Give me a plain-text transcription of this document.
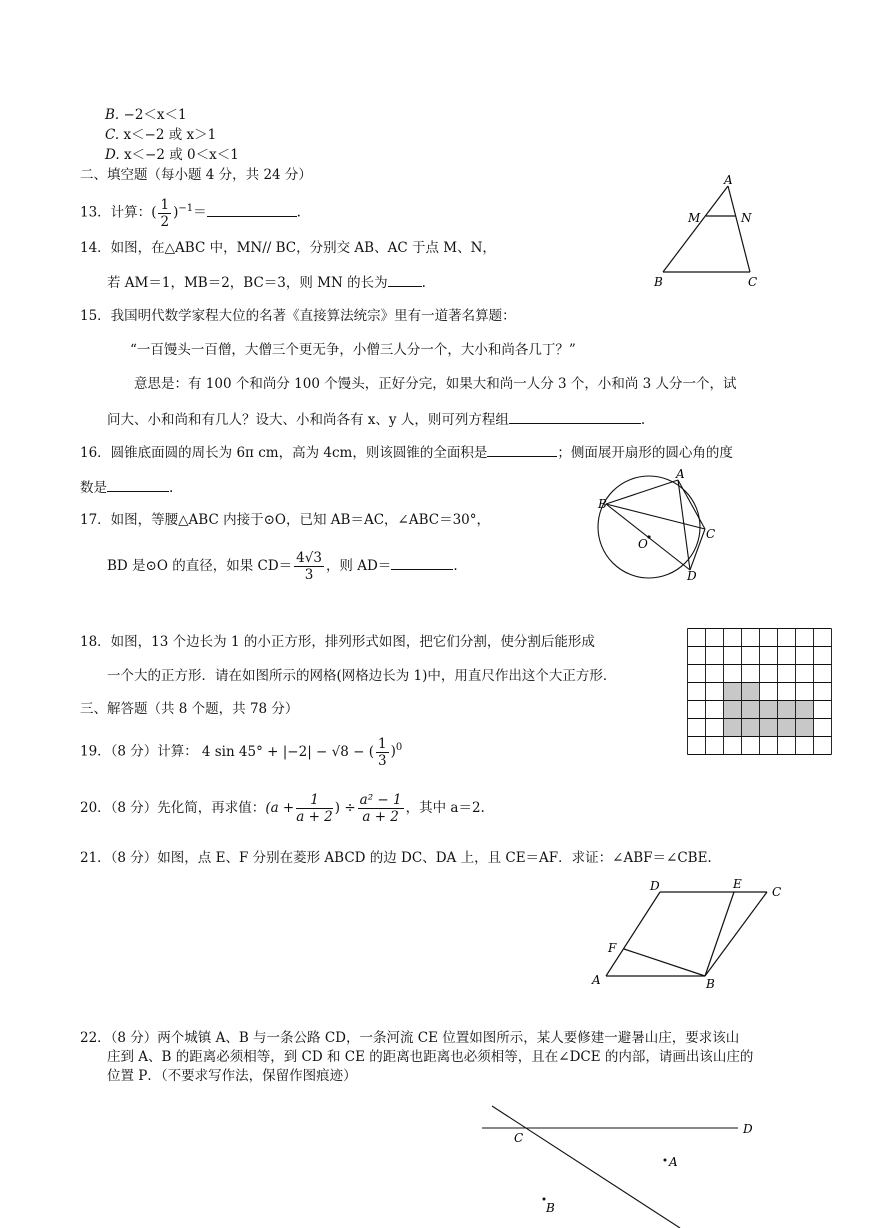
B. −2＜x＜1
C. x＜−2 或 x＞1
D. x＜−2 或 0＜x＜1
二、填空题（每小题 4 分，共 24 分）
13．计算：( $\frac{1}{2} )^{-1}=$	.
14．如图，在△ABC 中，MN// BC，分别交 AB、AC 于点 M、N，
若 AM＝1，MB＝2，BC＝3，则 MN 的长为	.
A
M	N
B	C
15．我国明代数学家程大位的名著《直接算法统宗》里有一道著名算题：
“一百馒头一百僧，大僧三个更无争，小僧三人分一个，大小和尚各几丁？”
意思是：有 100 个和尚分 100 个馒头，正好分完，如果大和尚一人分 3 个，小和尚 3 人分一个，试
问大、小和尚和有几人？设大、小和尚各有 x、y 人，则可列方程组	.
16．圆锥底面圆的周长为 6π cm，高为 4cm，则该圆锥的全面积是	；侧面展开扇形的圆心角的度
数是	.
17．如图，等腰△ABC 内接于⊙O，已知 AB＝AC，∠ABC＝30°，
BD 是⊙O 的直径，如果 $CD= \frac{4√3}{3}$ ，则 AD＝	.
A
B
C
D
O
18．如图，13 个边长为 1 的小正方形，排列形式如图，把它们分割，使分割后能形成
一个大的正方形．请在如图所示的网格(网格边长为 1)中，用直尺作出这个大正方形．
三、解答题（共 8 个题，共 78 分）
19．（8 分）计算： 4 sin 45° + |−2| − √8 − ( $\frac{1}{3} )^0$
20．（8 分）先化简，再求值：($a + \frac{1}{a + 2}$ ) ÷ $\frac{\text{a² − 1}}{a + 2}$ ，其中 a＝2.
21．（8 分）如图，点 E、F 分别在菱形 ABCD 的边 DC、DA 上，且 CE＝AF．求证：∠ABF＝∠CBE.
D	E
C
F
A	B
22．（8 分）两个城镇 A、B 与一条公路 CD，一条河流 CE 位置如图所示，某人要修建一避暑山庄，要求该山
庄到 A、B 的距离必须相等，到 CD 和 CE 的距离也距离也必须相等，且在∠DCE 的内部，请画出该山庄的
位置 P．（不要求写作法，保留作图痕迹）
C
D
A
B
